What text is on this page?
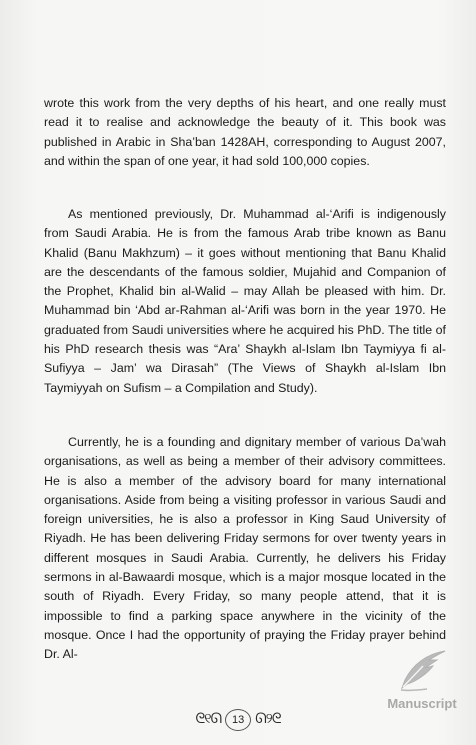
wrote this work from the very depths of his heart, and one really must read it to realise and acknowledge the beauty of it. This book was published in Arabic in Sha’ban 1428AH, corresponding to August 2007, and within the span of one year, it had sold 100,000 copies.

As mentioned previously, Dr. Muhammad al-‘Arifi is indigenously from Saudi Arabia. He is from the famous Arab tribe known as Banu Khalid (Banu Makhzum) – it goes without mentioning that Banu Khalid are the descendants of the famous soldier, Mujahid and Companion of the Prophet, Khalid bin al-Walid – may Allah be pleased with him. Dr. Muhammad bin ‘Abd ar-Rahman al-‘Arifi was born in the year 1970. He graduated from Saudi universities where he acquired his PhD. The title of his PhD research thesis was “Ara’ Shaykh al-Islam Ibn Taymiyya fi al-Sufiyya – Jam’ wa Dirasah” (The Views of Shaykh al-Islam Ibn Taymiyyah on Sufism – a Compilation and Study).

Currently, he is a founding and dignitary member of various Da’wah organisations, as well as being a member of their advisory committees. He is also a member of the advisory board for many international organisations. Aside from being a visiting professor in various Saudi and foreign universities, he is also a professor in King Saud University of Riyadh. He has been delivering Friday sermons for over twenty years in different mosques in Saudi Arabia. Currently, he delivers his Friday sermons in al-Bawaardi mosque, which is a major mosque located in the south of Riyadh. Every Friday, so many people attend, that it is impossible to find a parking space anywhere in the vicinity of the mosque. Once I had the opportunity of praying the Friday prayer behind Dr. Al-

ᘓ୧ᘏ 13 ᘏ୨ᘓ
Manuscript
